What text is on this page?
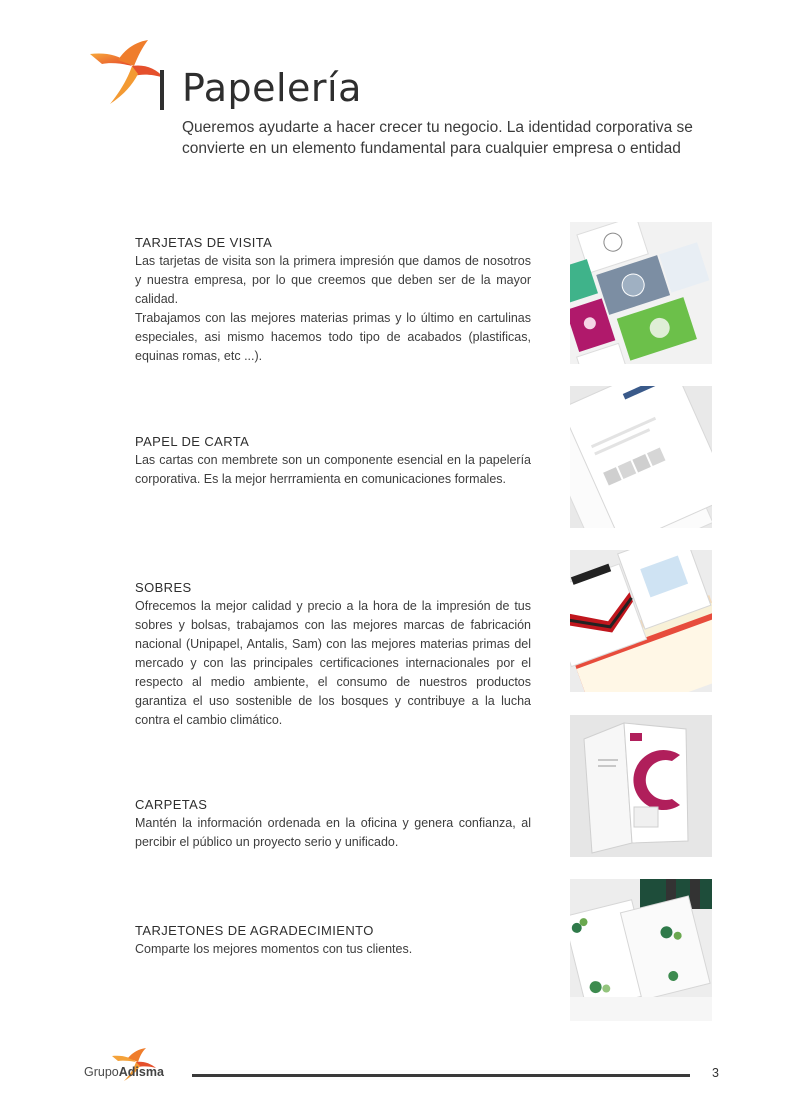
Papelería

Queremos ayudarte a hacer crecer tu negocio. La identidad corporativa se convierte en un elemento fundamental para cualquier empresa o entidad

TARJETAS DE VISITA

Las tarjetas de visita son la primera impresión que damos de nosotros y nuestra empresa, por lo que creemos que deben ser de la mayor calidad.

Trabajamos con las mejores materias primas y lo último en cartulinas especiales, asi mismo hacemos todo tipo de acabados (plastificas, equinas romas, etc ...).

PAPEL DE CARTA

Las cartas con membrete son un componente esencial en la papelería corporativa. Es la mejor herrramienta en comunicaciones formales.

SOBRES

Ofrecemos la mejor calidad y precio a la hora de la impresión de tus sobres y bolsas, trabajamos con las mejores marcas de fabricación nacional (Unipapel, Antalis, Sam) con las mejores materias primas del mercado y con las principales certificaciones internacionales por el respecto al medio ambiente, el consumo de nuestros productos garantiza el uso sostenible de los bosques y contribuye a la lucha contra el cambio climático.

CARPETAS

Mantén la información ordenada en la oficina y genera confianza, al percibir el público un proyecto serio y unificado.

TARJETONES DE AGRADECIMIENTO

Comparte los mejores momentos con tus clientes.

GrupoAdisma	3
